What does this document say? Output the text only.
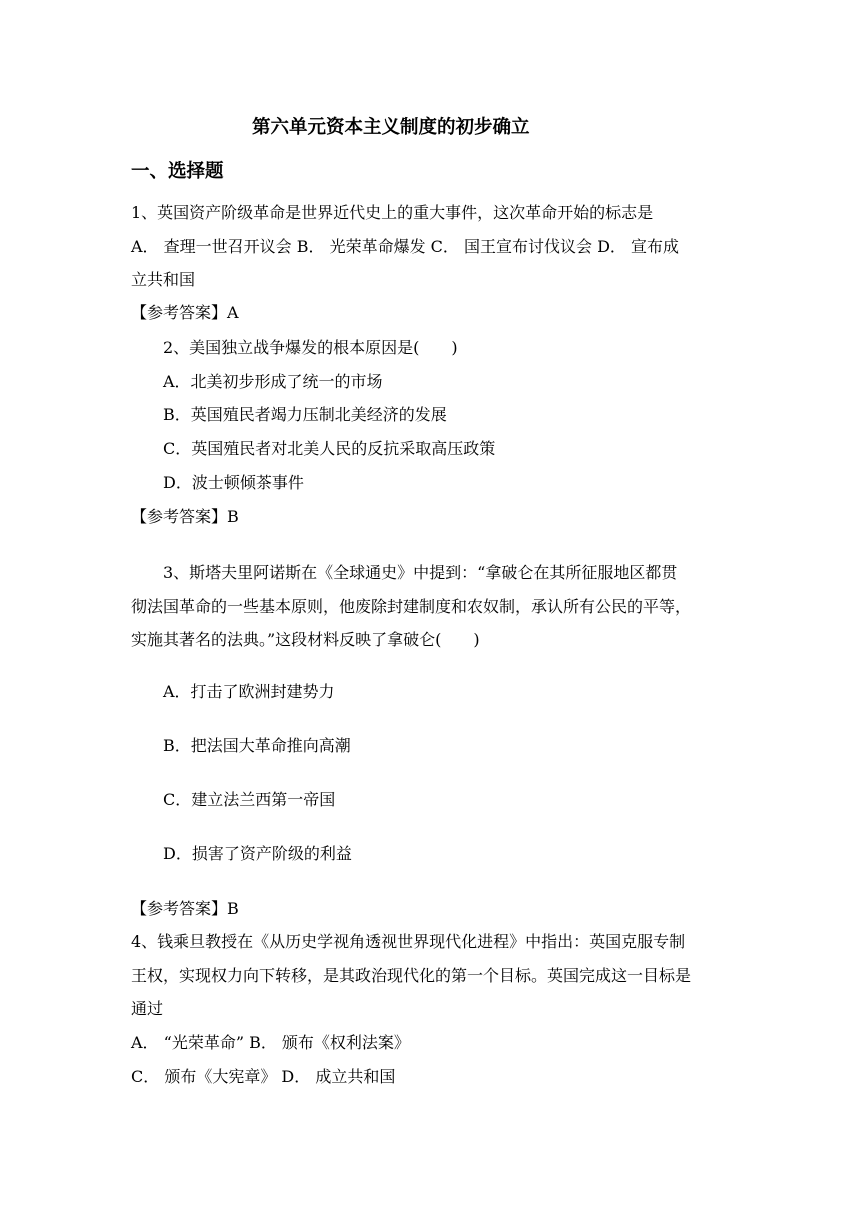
第六单元资本主义制度的初步确立
一、选择题
1、英国资产阶级革命是世界近代史上的重大事件，这次革命开始的标志是
A． 查理一世召开议会 B． 光荣革命爆发 C． 国王宣布讨伐议会 D． 宣布成
立共和国
【参考答案】A
2、美国独立战争爆发的根本原因是(　　)
A．北美初步形成了统一的市场
B．英国殖民者竭力压制北美经济的发展
C．英国殖民者对北美人民的反抗采取高压政策
D．波士顿倾茶事件
【参考答案】B
3、斯塔夫里阿诺斯在《全球通史》中提到：“拿破仑在其所征服地区都贯
彻法国革命的一些基本原则，他废除封建制度和农奴制，承认所有公民的平等，
实施其著名的法典。”这段材料反映了拿破仑(　　)
A．打击了欧洲封建势力
B．把法国大革命推向高潮
C．建立法兰西第一帝国
D．损害了资产阶级的利益
【参考答案】B
4、钱乘旦教授在《从历史学视角透视世界现代化进程》中指出：英国克服专制
王权，实现权力向下转移，是其政治现代化的第一个目标。英国完成这一目标是
通过
A． “光荣革命” B． 颁布《权利法案》
C． 颁布《大宪章》 D． 成立共和国
